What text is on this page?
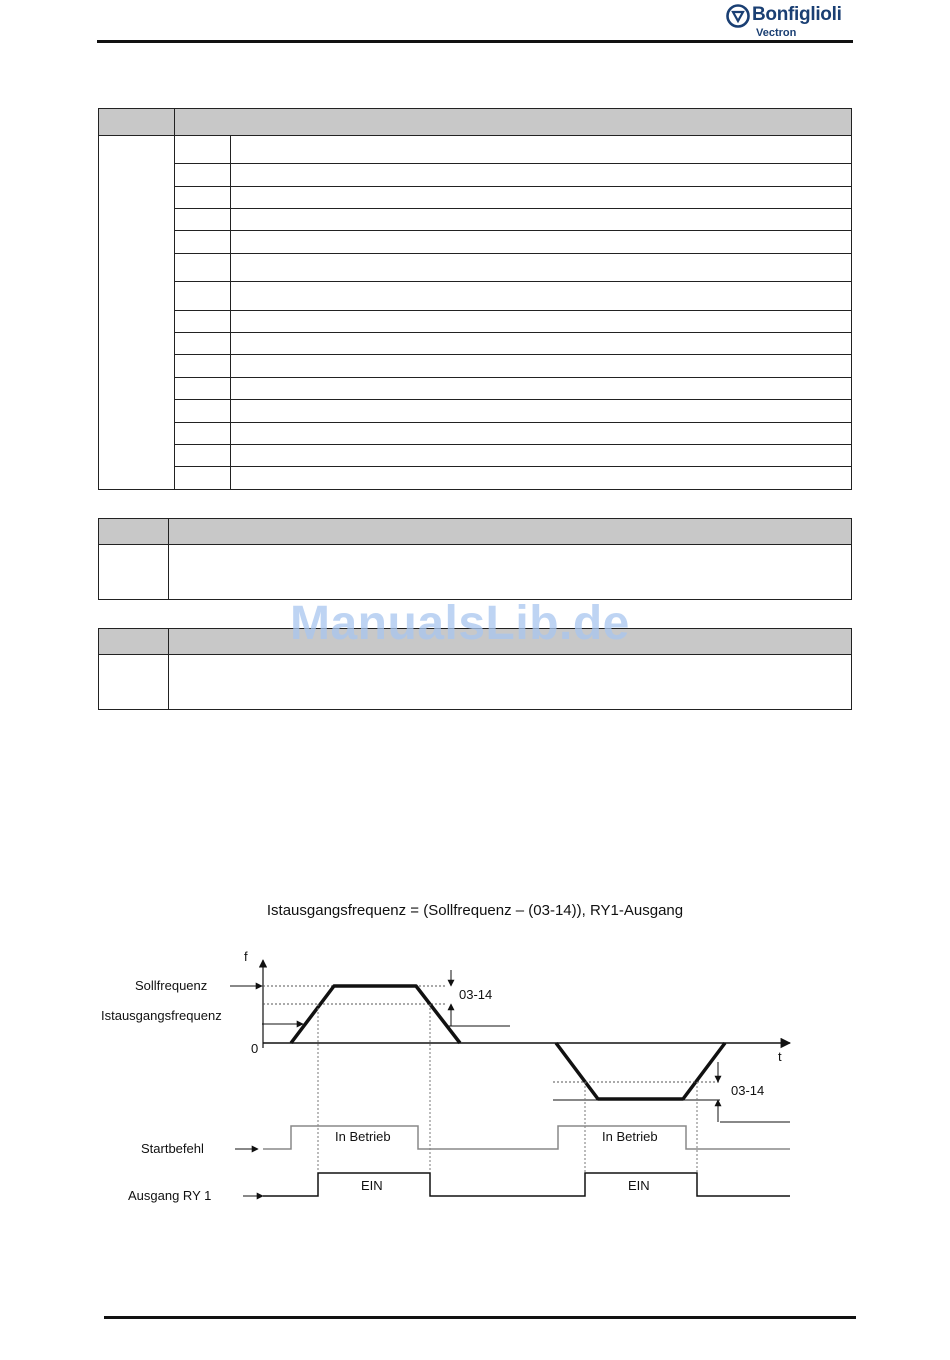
Bonfiglioli
Vectron

ManualsLib.de
Istausgangsfrequenz = (Sollfrequenz – (03-14)), RY1-Ausgang
f
t
0
03-14
03-14
Sollfrequenz
Istausgangsfrequenz
Startbefehl
In Betrieb	In Betrieb
Ausgang RY 1
EIN	EIN
